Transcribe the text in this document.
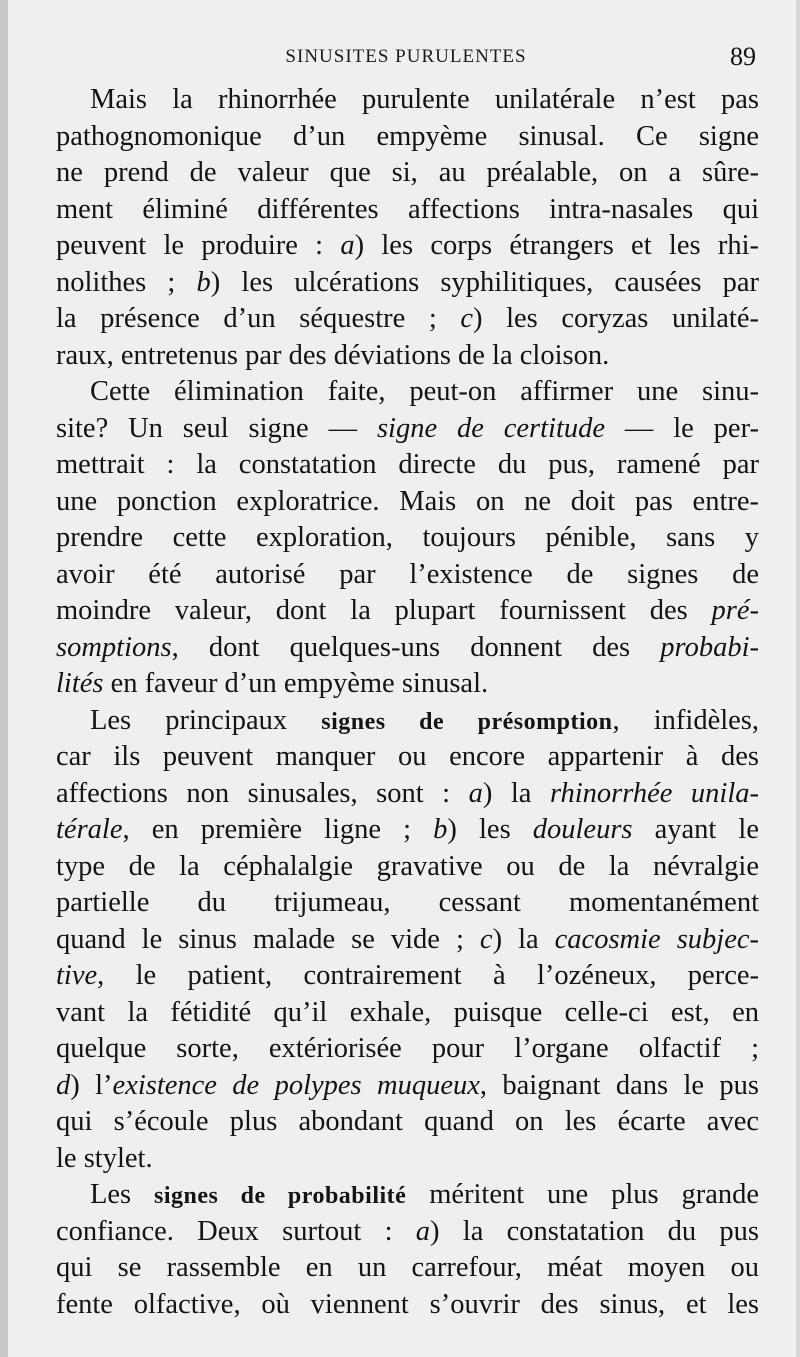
SINUSITES PURULENTES	89
Mais la rhinorrhée purulente unilatérale n’est pas
pathognomonique d’un empyème sinusal. Ce signe
ne prend de valeur que si, au préalable, on a sûre-
ment éliminé différentes affections intra-nasales qui
peuvent le produire : a) les corps étrangers et les rhi-
nolithes ; b) les ulcérations syphilitiques, causées par
la présence d’un séquestre ; c) les coryzas unilaté-
raux, entretenus par des déviations de la cloison.
Cette élimination faite, peut-on affirmer une sinu-
site? Un seul signe — signe de certitude — le per-
mettrait : la constatation directe du pus, ramené par
une ponction exploratrice. Mais on ne doit pas entre-
prendre cette exploration, toujours pénible, sans y
avoir été autorisé par l’existence de signes de
moindre valeur, dont la plupart fournissent des pré-
somptions, dont quelques-uns donnent des probabi-
lités en faveur d’un empyème sinusal.
Les principaux signes de présomption, infidèles,
car ils peuvent manquer ou encore appartenir à des
affections non sinusales, sont : a) la rhinorrhée unila-
térale, en première ligne ; b) les douleurs ayant le
type de la céphalalgie gravative ou de la névralgie
partielle du trijumeau, cessant momentanément
quand le sinus malade se vide ; c) la cacosmie subjec-
tive, le patient, contrairement à l’ozéneux, perce-
vant la fétidité qu’il exhale, puisque celle-ci est, en
quelque sorte, extériorisée pour l’organe olfactif ;
d) l’existence de polypes muqueux, baignant dans le pus
qui s’écoule plus abondant quand on les écarte avec
le stylet.
Les signes de probabilité méritent une plus grande
confiance. Deux surtout : a) la constatation du pus
qui se rassemble en un carrefour, méat moyen ou
fente olfactive, où viennent s’ouvrir des sinus, et les
